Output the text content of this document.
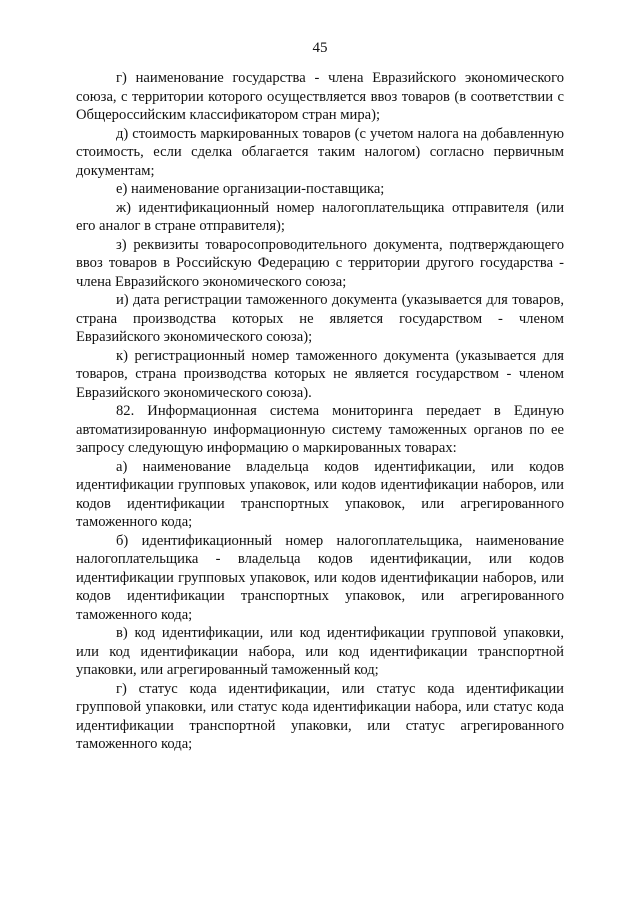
45

г) наименование государства - члена Евразийского экономического союза, с территории которого осуществляется ввоз товаров (в соответствии с Общероссийским классификатором стран мира);

д) стоимость маркированных товаров (с учетом налога на добавленную стоимость, если сделка облагается таким налогом) согласно первичным документам;

е) наименование организации-поставщика;

ж) идентификационный номер налогоплательщика отправителя (или его аналог в стране отправителя);

з) реквизиты товаросопроводительного документа, подтверждающего ввоз товаров в Российскую Федерацию с территории другого государства - члена Евразийского экономического союза;

и) дата регистрации таможенного документа (указывается для товаров, страна производства которых не является государством - членом Евразийского экономического союза);

к) регистрационный номер таможенного документа (указывается для товаров, страна производства которых не является государством - членом Евразийского экономического союза).

82. Информационная система мониторинга передает в Единую автоматизированную информационную систему таможенных органов по ее запросу следующую информацию о маркированных товарах:

а) наименование владельца кодов идентификации, или кодов идентификации групповых упаковок, или кодов идентификации наборов, или кодов идентификации транспортных упаковок, или агрегированного таможенного кода;

б) идентификационный номер налогоплательщика, наименование налогоплательщика - владельца кодов идентификации, или кодов идентификации групповых упаковок, или кодов идентификации наборов, или кодов идентификации транспортных упаковок, или агрегированного таможенного кода;

в) код идентификации, или код идентификации групповой упаковки, или код идентификации набора, или код идентификации транспортной упаковки, или агрегированный таможенный код;

г) статус кода идентификации, или статус кода идентификации групповой упаковки, или статус кода идентификации набора, или статус кода идентификации транспортной упаковки, или статус агрегированного таможенного кода;
